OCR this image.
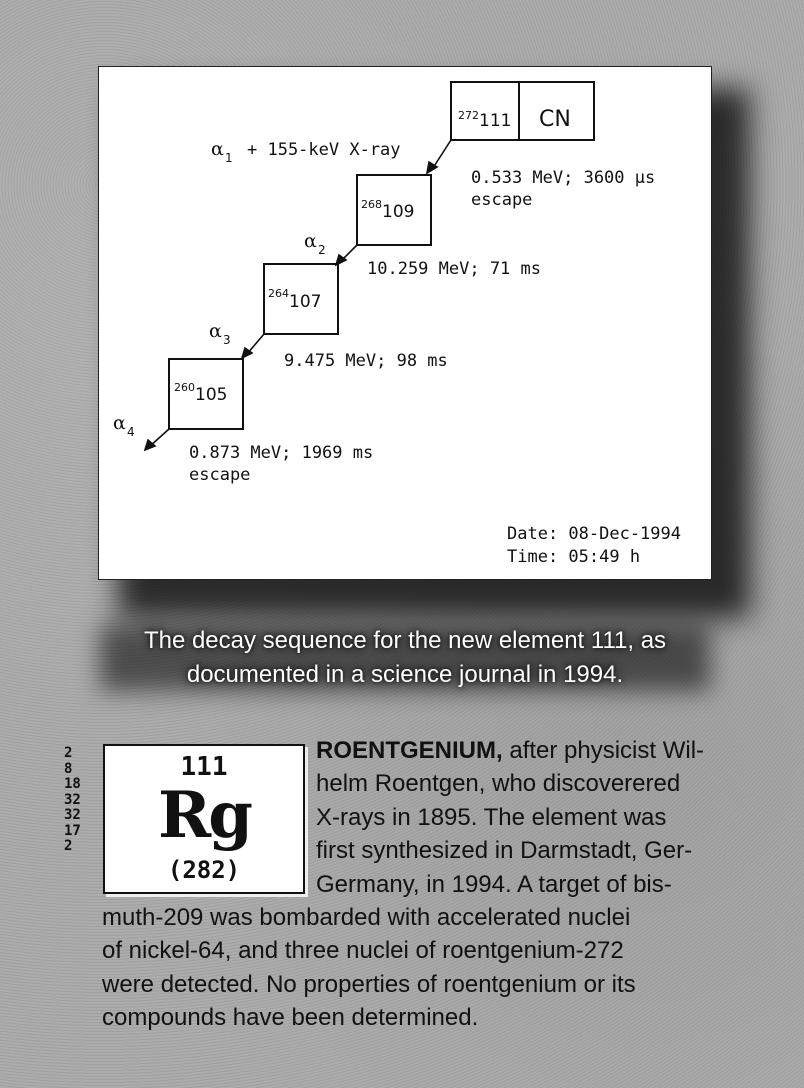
272 111 CN
268 109
264 107
260 105
α 1 + 155-keV X-ray
α 2
α 3
α 4
0.533 MeV; 3600 μs
escape
10.259 MeV; 71 ms
9.475 MeV; 98 ms
0.873 MeV; 1969 ms
escape
Date: 08-Dec-1994
Time: 05:49 h
The decay sequence for the new element 111, as
documented in a science journal in 1994.
2
8
18
32
32
17
2
111
Rg
(282)
ROENTGENIUM, after physicist Wil-
helm Roentgen, who discoverered
X-rays in 1895. The element was
first synthesized in Darmstadt, Ger-
Germany, in 1994. A target of bis-
muth-209 was bombarded with accelerated nuclei
of nickel-64, and three nuclei of roentgenium-272
were detected. No properties of roentgenium or its
compounds have been determined.
